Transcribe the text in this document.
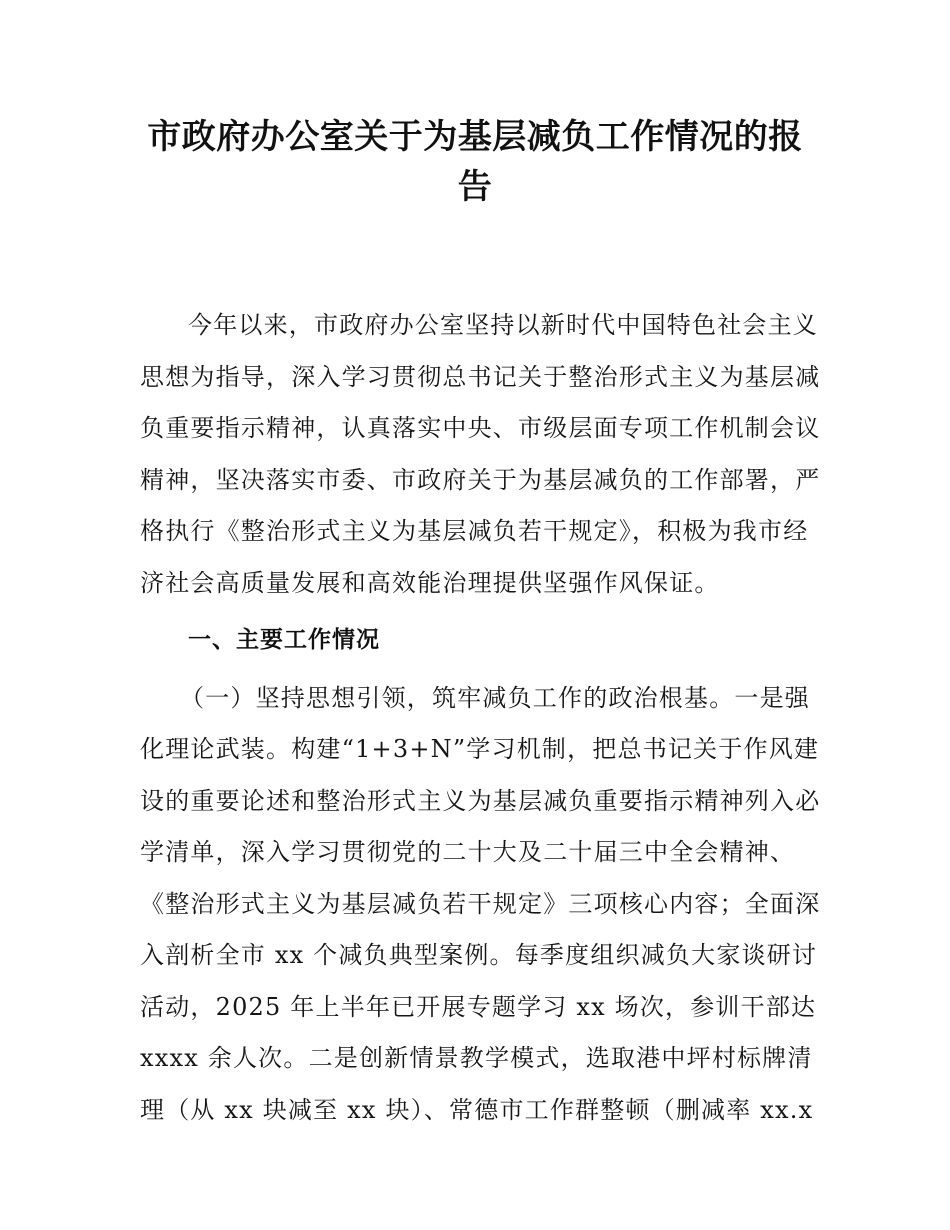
市政府办公室关于为基层减负工作情况的报
告
今年以来，市政府办公室坚持以新时代中国特色社会主义
思想为指导，深入学习贯彻总书记关于整治形式主义为基层减
负重要指示精神，认真落实中央、市级层面专项工作机制会议
精神，坚决落实市委、市政府关于为基层减负的工作部署，严
格执行《整治形式主义为基层减负若干规定》，积极为我市经
济社会高质量发展和高效能治理提供坚强作风保证。
一、主要工作情况
（一）坚持思想引领，筑牢减负工作的政治根基。一是强
化理论武装。构建“1+3+N”学习机制，把总书记关于作风建
设的重要论述和整治形式主义为基层减负重要指示精神列入必
学清单，深入学习贯彻党的二十大及二十届三中全会精神、
《整治形式主义为基层减负若干规定》三项核心内容；全面深
入剖析全市 xx 个减负典型案例。每季度组织减负大家谈研讨
活动，2025 年上半年已开展专题学习 xx 场次，参训干部达
xxxx 余人次。二是创新情景教学模式，选取港中坪村标牌清
理（从 xx 块减至 xx 块）、常德市工作群整顿（删减率 xx.x
